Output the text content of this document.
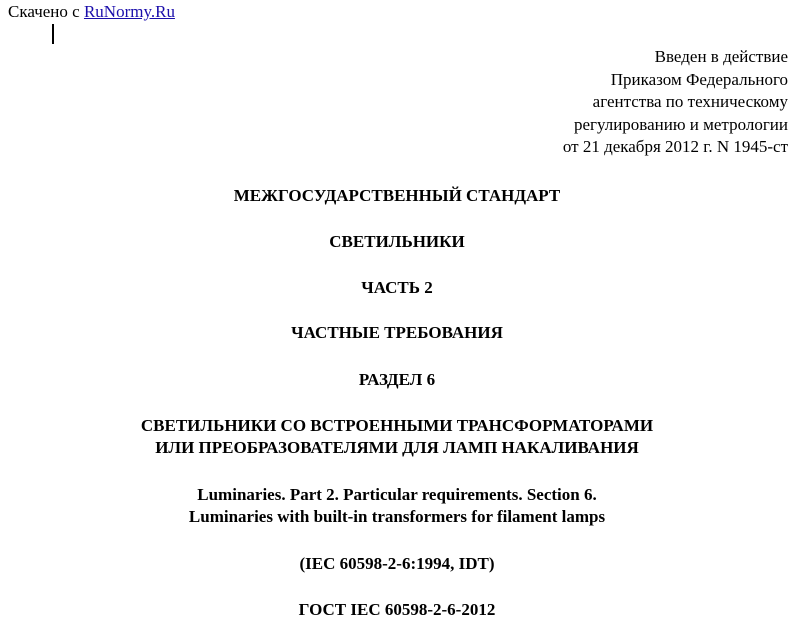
Скачено с RuNormy.Ru
Введен в действие
Приказом Федерального
агентства по техническому
регулированию и метрологии
от 21 декабря 2012 г. N 1945-ст
МЕЖГОСУДАРСТВЕННЫЙ СТАНДАРТ
СВЕТИЛЬНИКИ
ЧАСТЬ 2
ЧАСТНЫЕ ТРЕБОВАНИЯ
РАЗДЕЛ 6
СВЕТИЛЬНИКИ СО ВСТРОЕННЫМИ ТРАНСФОРМАТОРАМИ
ИЛИ ПРЕОБРАЗОВАТЕЛЯМИ ДЛЯ ЛАМП НАКАЛИВАНИЯ
Luminaries. Part 2. Particular requirements. Section 6.
Luminaries with built-in transformers for filament lamps
(IEC 60598-2-6:1994, IDT)
ГОСТ IEC 60598-2-6-2012
